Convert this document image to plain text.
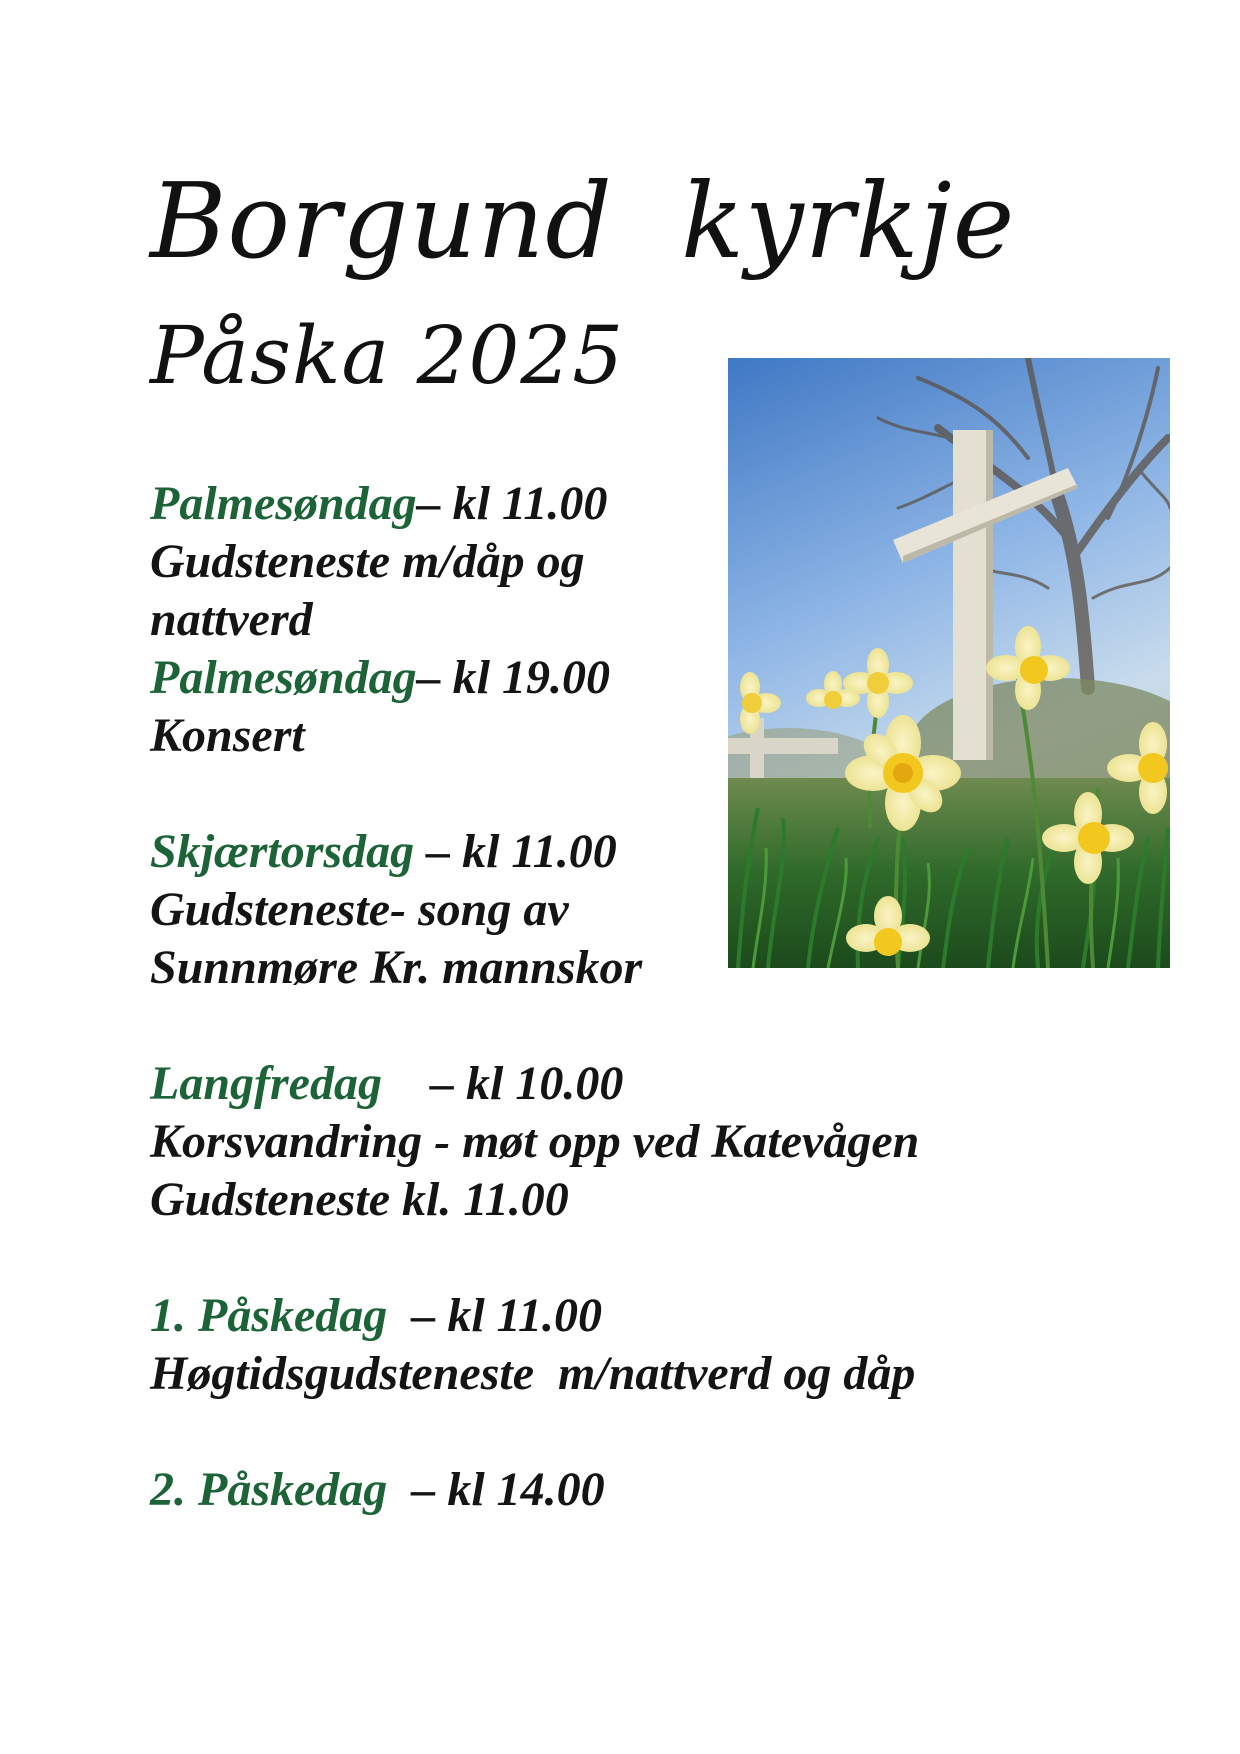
Borgund  kyrkje
Påska 2025
Palmesøndag– kl 11.00
Gudsteneste m/dåp og
nattverd
Palmesøndag– kl 19.00
Konsert
Skjærtorsdag – kl 11.00
Gudsteneste- song av
Sunnmøre Kr. mannskor
Langfredag    – kl 10.00
Korsvandring - møt opp ved Katevågen
Gudsteneste kl. 11.00
1. Påskedag  – kl 11.00
Høgtidsgudsteneste  m/nattverd og dåp
2. Påskedag  – kl 14.00
